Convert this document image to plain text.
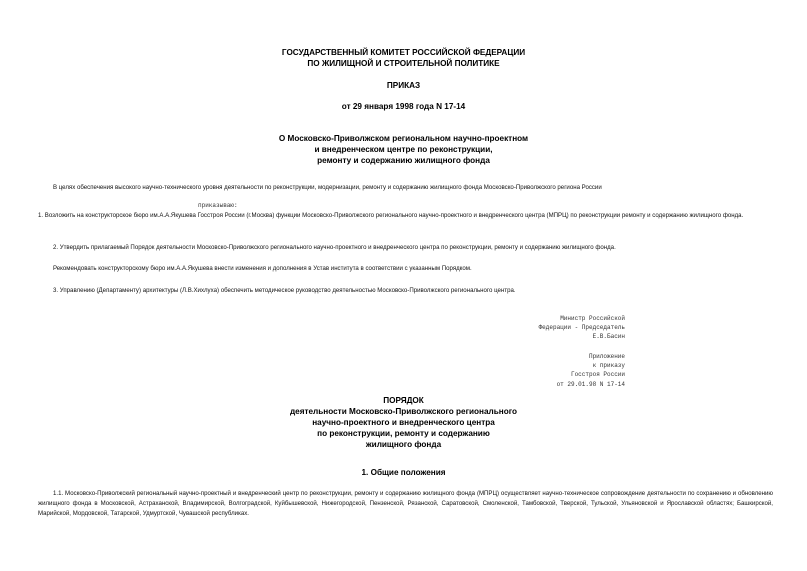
ГОСУДАРСТВЕННЫЙ КОМИТЕТ РОССИЙСКОЙ ФЕДЕРАЦИИ
ПО ЖИЛИЩНОЙ И СТРОИТЕЛЬНОЙ ПОЛИТИКЕ
ПРИКАЗ
от 29 января 1998 года N 17-14
О Московско-Приволжском региональном научно-проектном
и внедренческом центре по реконструкции,
ремонту и содержанию жилищного фонда
В целях обеспечения высокого научно-технического уровня деятельности по реконструкции, модернизации, ремонту и содержанию жилищного фонда Московско-Приволжского региона России
приказываю:
1. Возложить на конструкторское бюро им.А.А.Якушева Госстроя России (г.Москва) функции Московско-Приволжского регионального научно-проектного и внедренческого центра (МПРЦ) по реконструкции ремонту и содержанию жилищного фонда.
2. Утвердить прилагаемый Порядок деятельности Московско-Приволжского регионального научно-проектного и внедренческого центра по реконструкции, ремонту и содержанию жилищного фонда.
Рекомендовать конструкторскому бюро им.А.А.Якушева внести изменения и дополнения в Устав института в соответствии с указанным Порядком.
3. Управлению (Департаменту) архитектуры (Л.В.Хихлуха) обеспечить методическое руководство деятельностью Московско-Приволжского регионального центра.
Министр Российской
Федерации - Председатель
Е.В.Басин
Приложение
к приказу
Госстроя России
от 29.01.98 N 17-14
ПОРЯДОК
деятельности Московско-Приволжского регионального
научно-проектного и внедренческого центра
по реконструкции, ремонту и содержанию
жилищного фонда
1. Общие положения
1.1. Московско-Приволжский региональный научно-проектный и внедренческий центр по реконструкции, ремонту и содержанию жилищного фонда (МПРЦ) осуществляет научно-техническое сопровождение деятельности по сохранению и обновлению жилищного фонда в Московской, Астраханской, Владимирской, Волгоградской, Куйбышевской, Нижегородской, Пензенской, Рязанской, Саратовской, Смоленской, Тамбовской, Тверской, Тульской, Ульяновской и Ярославской областях; Башкирской, Марийской, Мордовской, Татарской, Удмуртской, Чувашской республиках.
